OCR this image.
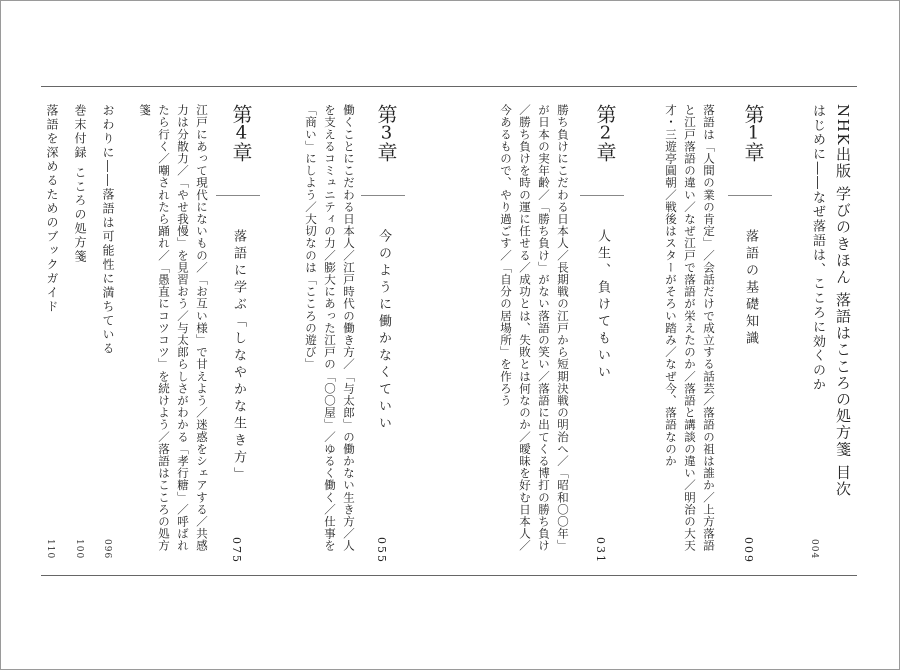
NHK出版 学びのきほん 落語はこころの処方箋 目次
はじめに――なぜ落語は、こころに効くのか
004
第1章
落語の基礎知識
009
落語は「人間の業の肯定」／会話だけで成立する話芸／落語の祖は誰か／上方落語と江戸落語の違い／なぜ江戸で落語が栄えたのか／落語と講談の違い／明治の大天才・三遊亭圓朝／戦後はスターがそろい踏み／なぜ今、落語なのか
第2章
人生、負けてもいい
031
勝ち負けにこだわる日本人／長期戦の江戸から短期決戦の明治へ／「昭和〇〇年」が日本の実年齢／「勝ち負け」がない落語の笑い／落語に出てくる博打の勝ち負け／勝ち負けを時の運に任せる／成功とは、失敗とは何なのか／曖昧を好む日本人／今あるもので、やり過ごす／「自分の居場所」を作ろう
第3章
今のように働かなくていい
055
働くことにこだわる日本人／江戸時代の働き方／「与太郎」の働かない生き方／人を支えるコミュニティの力／膨大にあった江戸の「〇〇屋」／ゆるく働く／仕事を「商い」にしよう／大切なのは「こころの遊び」
第4章
落語に学ぶ「しなやかな生き方」
075
江戸にあって現代にないもの／「お互い様」で甘えよう／迷惑をシェアする／共感力は分散力／「やせ我慢」を見習おう／与太郎らしさがわかる「孝行糖」／呼ばれたら行く／嘲されたら踊れ／「愚直にコツコツ」を続けよう／落語はこころの処方箋
おわりに――落語は可能性に満ちている
096
巻末付録 こころの処方箋
100
落語を深めるためのブックガイド
110
